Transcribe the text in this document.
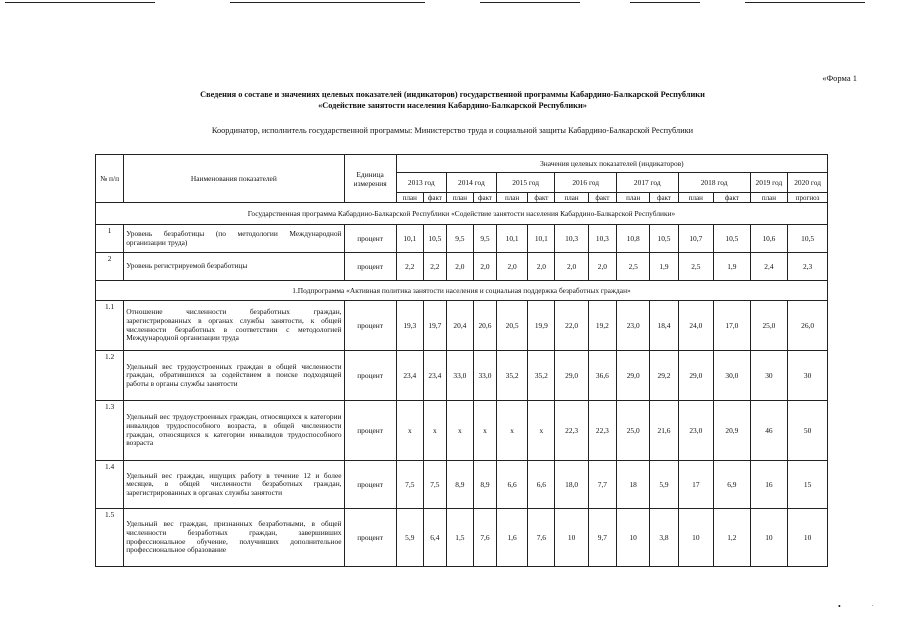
«Форма 1
Сведения о составе и значениях целевых показателей (индикаторов) государственной программы Кабардино-Балкарской Республики
«Содействие занятости населения Кабардино-Балкарской Республики»
Координатор, исполнитель государственной программы: Министерство труда и социальной защиты Кабардино-Балкарской Республики
№ п/п	Наименования показателей	Единица измерения	Значения целевых показателей (индикаторов)													
			2013 год		2014 год		2015 год		2016 год		2017 год		2018 год		2019 год	2020 год
			план	факт	план	факт	план	факт	план	факт	план	факт	план	факт	план	прогноз
Государственная программа Кабардино-Балкарской Республики «Содействие занятости населения Кабардино-Балкарской Республики»																
1	Уровень безработицы (по методологии Международной организации труда)	процент	10,1	10,5	9,5	9,5	10,1	10,1	10,3	10,3	10,8	10,5	10,7	10,5	10,6	10,5
2	Уровень регистрируемой безработицы	процент	2,2	2,2	2,0	2,0	2,0	2,0	2,0	2,0	2,5	1,9	2,5	1,9	2,4	2,3
1.Подпрограмма «Активная политика занятости населения и социальная поддержка безработных граждан»																
1.1	Отношение численности безработных граждан, зарегистрированных в органах службы занятости, к общей численности безработных в соответствии с методологией Международной организации труда	процент	19,3	19,7	20,4	20,6	20,5	19,9	22,0	19,2	23,0	18,4	24,0	17,0	25,0	26,0
1.2	Удельный вес трудоустроенных граждан в общей численности граждан, обратившихся за содействием в поиске подходящей работы в органы службы занятости	процент	23,4	23,4	33,0	33,0	35,2	35,2	29,0	36,6	29,0	29,2	29,0	30,0	30	30
1.3	Удельный вес трудоустроенных граждан, относящихся к категории инвалидов трудоспособного возраста, в общей численности граждан, относящихся к категории инвалидов трудоспособного возраста	процент	x	x	x	x	x	x	22,3	22,3	25,0	21,6	23,0	20,9	46	50
1.4	Удельный вес граждан, ищущих работу в течение 12 и более месяцев, в общей численности безработных граждан, зарегистрированных в органах службы занятости	процент	7,5	7,5	8,9	8,9	6,6	6,6	18,0	7,7	18	5,9	17	6,9	16	15
1.5	Удельный вес граждан, признанных безработными, в общей численности безработных граждан, завершивших профессиональное обучение, получивших дополнительное профессиональное образование	процент	5,9	6,4	1,5	7,6	1,6	7,6	10	9,7	10	3,8	10	1,2	10	10
•	.
